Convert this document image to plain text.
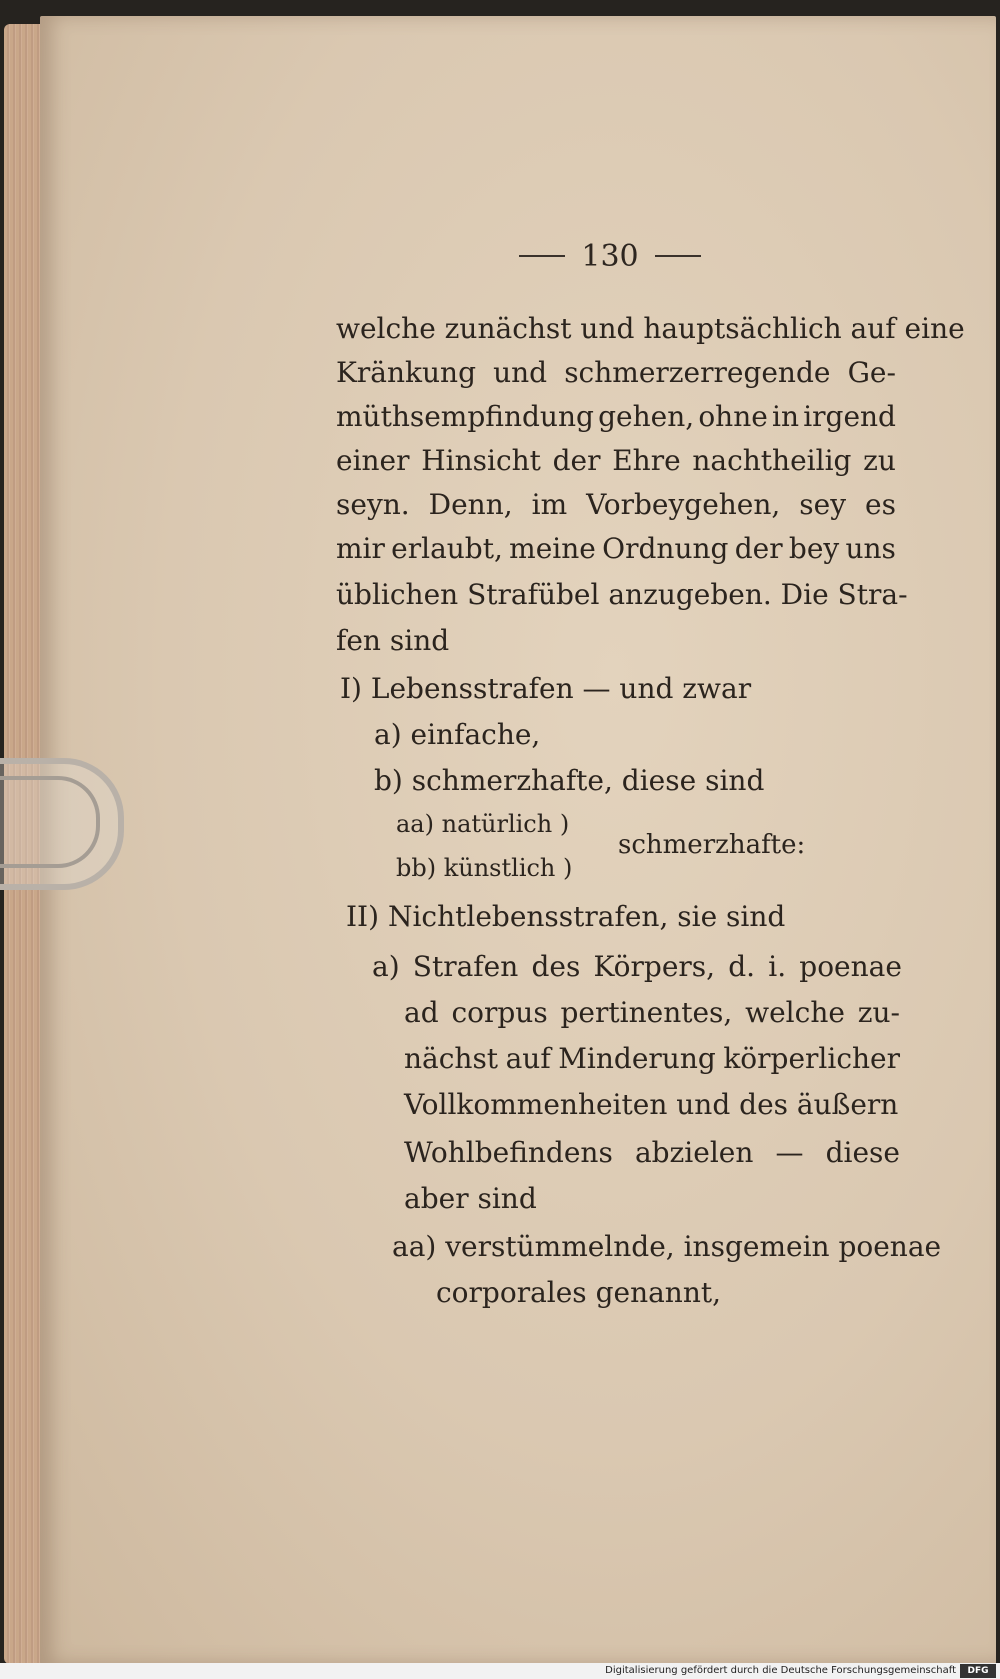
130
welche zunächst und hauptsächlich auf eine
Kränkung und schmerzerregende Ge-
müthsempfindung gehen, ohne in irgend
einer Hinsicht der Ehre nachtheilig zu
seyn. Denn, im Vorbeygehen, sey es
mir erlaubt, meine Ordnung der bey uns
üblichen Strafübel anzugeben. Die Stra-
fen sind
I) Lebensstrafen — und zwar
a) einfache,
b) schmerzhafte, diese sind
aa) natürlich )
schmerzhafte:
bb) künstlich )
II) Nichtlebensstrafen, sie sind
a) Strafen des Körpers, d. i. poenae
ad corpus pertinentes, welche zu-
nächst auf Minderung körperlicher
Vollkommenheiten und des äußern
Wohlbefindens abzielen — diese
aber sind
aa) verstümmelnde, insgemein poenae
corporales genannt,
Digitalisierung gefördert durch die Deutsche Forschungsgemeinschaft	DFG
